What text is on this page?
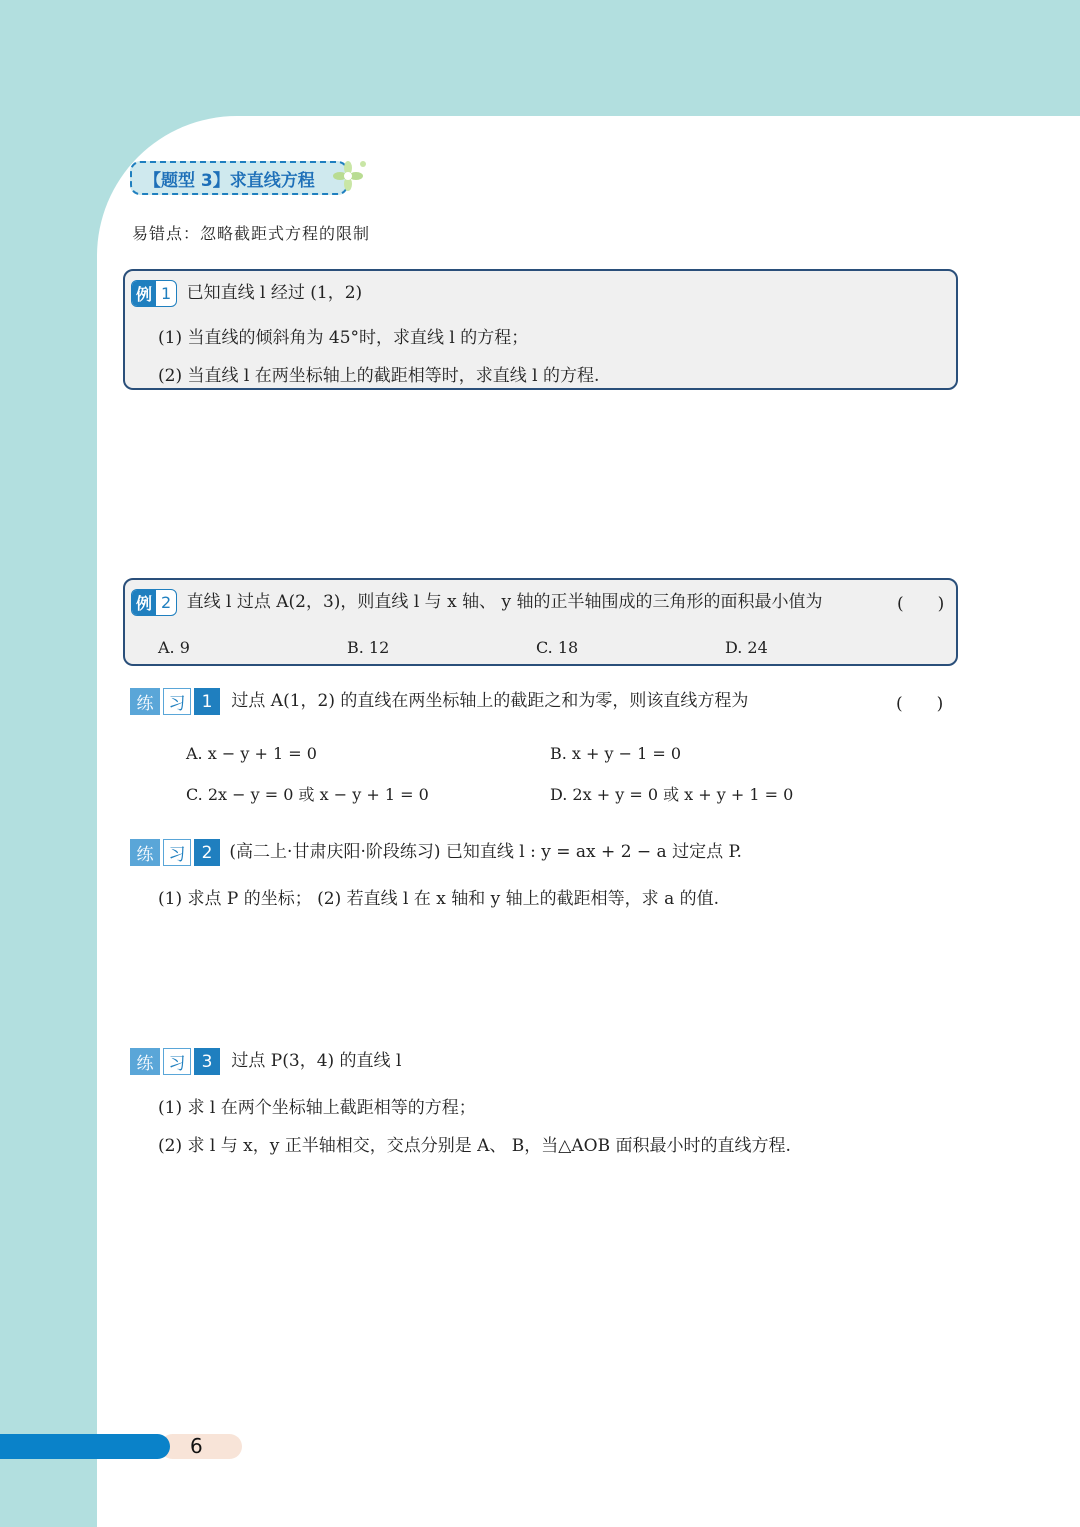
【题型 3】求直线方程
易错点：忽略截距式方程的限制
例 1 已知直线 l 经过 (1，2)
(1) 当直线的倾斜角为 45°时，求直线 l 的方程；
(2) 当直线 l 在两坐标轴上的截距相等时，求直线 l 的方程.
例 2 直线 l 过点 A(2，3)，则直线 l 与 x 轴、 y 轴的正半轴围成的三角形的面积最小值为	(　　)
A. 9	B. 12	C. 18	D. 24
练 习 1	过点 A(1，2) 的直线在两坐标轴上的截距之和为零，则该直线方程为	(　　)
A. x − y + 1 = 0	B. x + y − 1 = 0
C. 2x − y = 0 或 x − y + 1 = 0	D. 2x + y = 0 或 x + y + 1 = 0
练 习 2	(高二上·甘肃庆阳·阶段练习) 已知直线 l : y = ax + 2 − a 过定点 P.
(1) 求点 P 的坐标； (2) 若直线 l 在 x 轴和 y 轴上的截距相等，求 a 的值.
练 习 3	过点 P(3，4) 的直线 l
(1) 求 l 在两个坐标轴上截距相等的方程；
(2) 求 l 与 x，y 正半轴相交，交点分别是 A、 B，当△AOB 面积最小时的直线方程.
6
